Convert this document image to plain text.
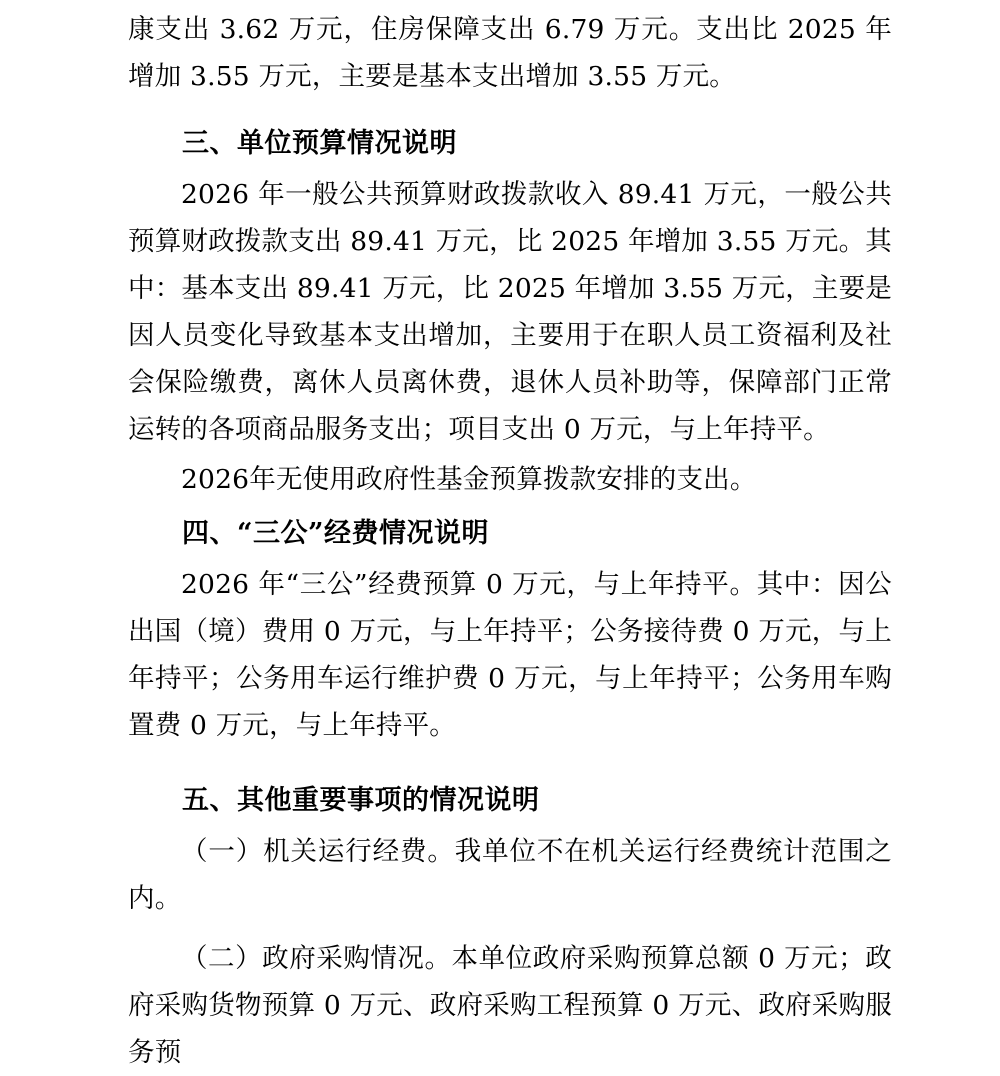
康支出 3.62 万元，住房保障支出 6.79 万元。支出比 2025 年增加 3.55 万元，主要是基本支出增加 3.55 万元。

三、单位预算情况说明

2026 年一般公共预算财政拨款收入 89.41 万元，一般公共预算财政拨款支出 89.41 万元，比 2025 年增加 3.55 万元。其中：基本支出 89.41 万元，比 2025 年增加 3.55 万元，主要是因人员变化导致基本支出增加，主要用于在职人员工资福利及社会保险缴费，离休人员离休费，退休人员补助等，保障部门正常运转的各项商品服务支出；项目支出 0 万元，与上年持平。

2026年无使用政府性基金预算拨款安排的支出。

四、“三公”经费情况说明

2026 年“三公”经费预算 0 万元，与上年持平。其中：因公出国（境）费用 0 万元，与上年持平；公务接待费 0 万元，与上年持平；公务用车运行维护费 0 万元，与上年持平；公务用车购置费 0 万元，与上年持平。

五、其他重要事项的情况说明

（一）机关运行经费。我单位不在机关运行经费统计范围之内。

（二）政府采购情况。本单位政府采购预算总额 0 万元；政府采购货物预算 0 万元、政府采购工程预算 0 万元、政府采购服务预
